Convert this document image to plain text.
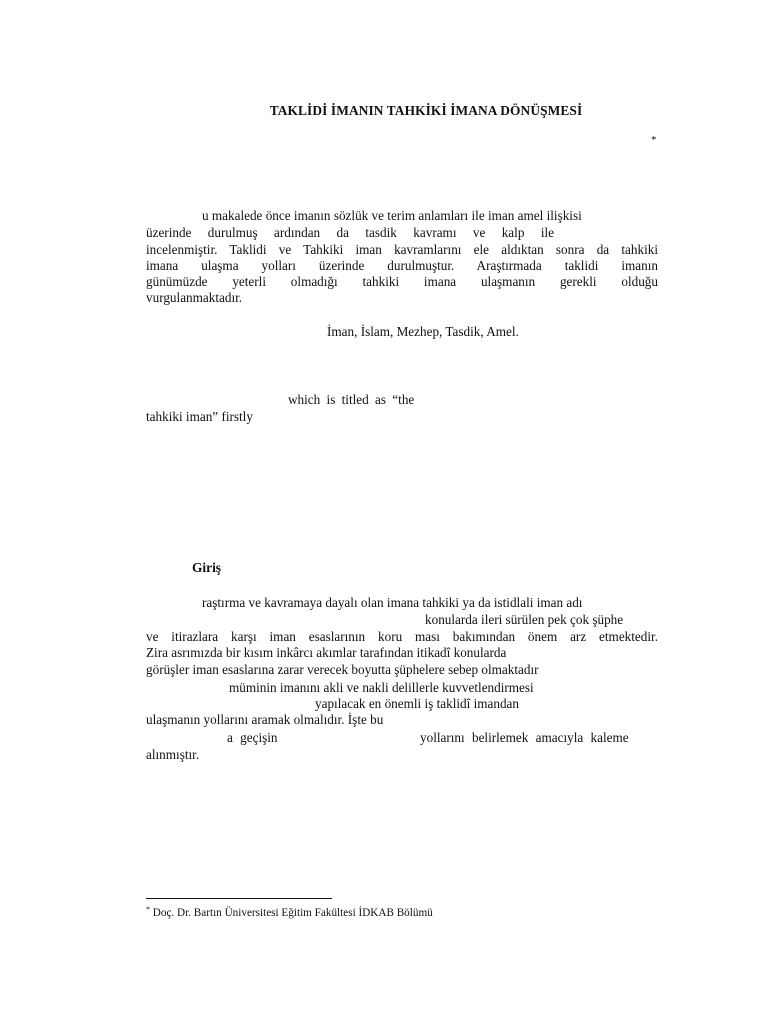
TAKLİDİ İMANIN TAHKİKİ İMANA DÖNÜŞMESİ
*
u makalede önce imanın sözlük ve terim anlamları ile iman amel ilişkisi
üzerinde durulmuş ardından da tasdik kavramı ve kalp ile
incelenmiştir. Taklidi ve Tahkiki iman kavramlarını ele aldıktan sonra da tahkiki
imana ulaşma yolları üzerinde durulmuştur. Araştırmada taklidi imanın
günümüzde yeterli olmadığı tahkiki imana ulaşmanın gerekli olduğu
vurgulanmaktadır.
İman, İslam, Mezhep, Tasdik, Amel.
which is titled as “the
tahkiki iman” firstly
Giriş
raştırma ve kavramaya dayalı olan imana tahkiki ya da istidlali iman adı
konularda ileri sürülen pek çok şüphe
ve itirazlara karşı iman esaslarının koru ması bakımından önem arz etmektedir.
Zira asrımızda bir kısım inkârcı akımlar tarafından itikadî konularda
görüşler iman esaslarına zarar verecek boyutta şüphelere sebep olmaktadır
müminin imanını akli ve nakli delillerle kuvvetlendirmesi
yapılacak en önemli iş taklidî imandan
ulaşmanın yollarını aramak olmalıdır. İşte bu
a geçişin	yollarını belirlemek amacıyla kaleme
alınmıştır.
* Doç. Dr. Bartın Üniversitesi Eğitim Fakültesi İDKAB Bölümü
